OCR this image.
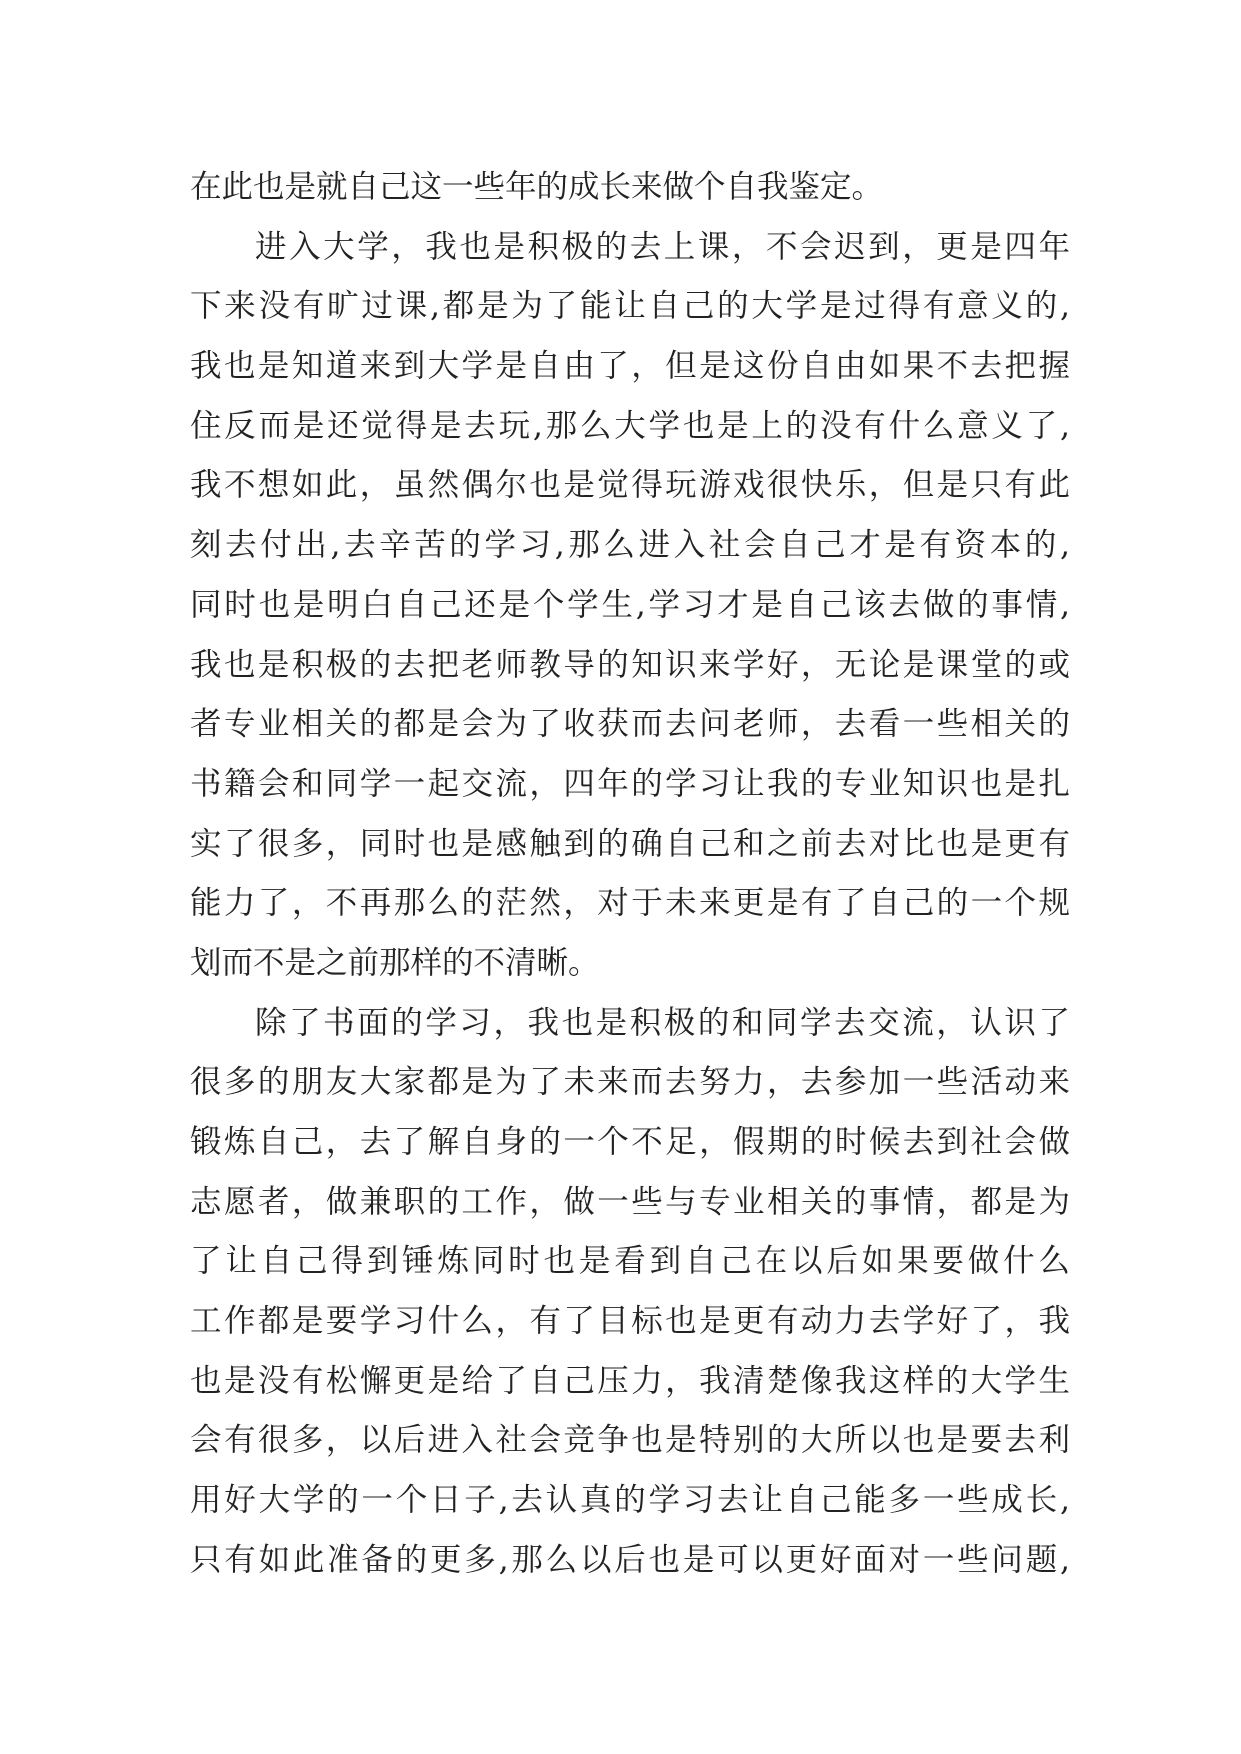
在此也是就自己这一些年的成长来做个自我鉴定。
进入大学，我也是积极的去上课，不会迟到，更是四年
下来没有旷过课,都是为了能让自己的大学是过得有意义的,
我也是知道来到大学是自由了，但是这份自由如果不去把握
住反而是还觉得是去玩,那么大学也是上的没有什么意义了,
我不想如此，虽然偶尔也是觉得玩游戏很快乐，但是只有此
刻去付出,去辛苦的学习,那么进入社会自己才是有资本的,
同时也是明白自己还是个学生,学习才是自己该去做的事情,
我也是积极的去把老师教导的知识来学好，无论是课堂的或
者专业相关的都是会为了收获而去问老师，去看一些相关的
书籍会和同学一起交流，四年的学习让我的专业知识也是扎
实了很多，同时也是感触到的确自己和之前去对比也是更有
能力了，不再那么的茫然，对于未来更是有了自己的一个规
划而不是之前那样的不清晰。
除了书面的学习，我也是积极的和同学去交流，认识了
很多的朋友大家都是为了未来而去努力，去参加一些活动来
锻炼自己，去了解自身的一个不足，假期的时候去到社会做
志愿者，做兼职的工作，做一些与专业相关的事情，都是为
了让自己得到锤炼同时也是看到自己在以后如果要做什么
工作都是要学习什么，有了目标也是更有动力去学好了，我
也是没有松懈更是给了自己压力，我清楚像我这样的大学生
会有很多，以后进入社会竞争也是特别的大所以也是要去利
用好大学的一个日子,去认真的学习去让自己能多一些成长,
只有如此准备的更多,那么以后也是可以更好面对一些问题,
